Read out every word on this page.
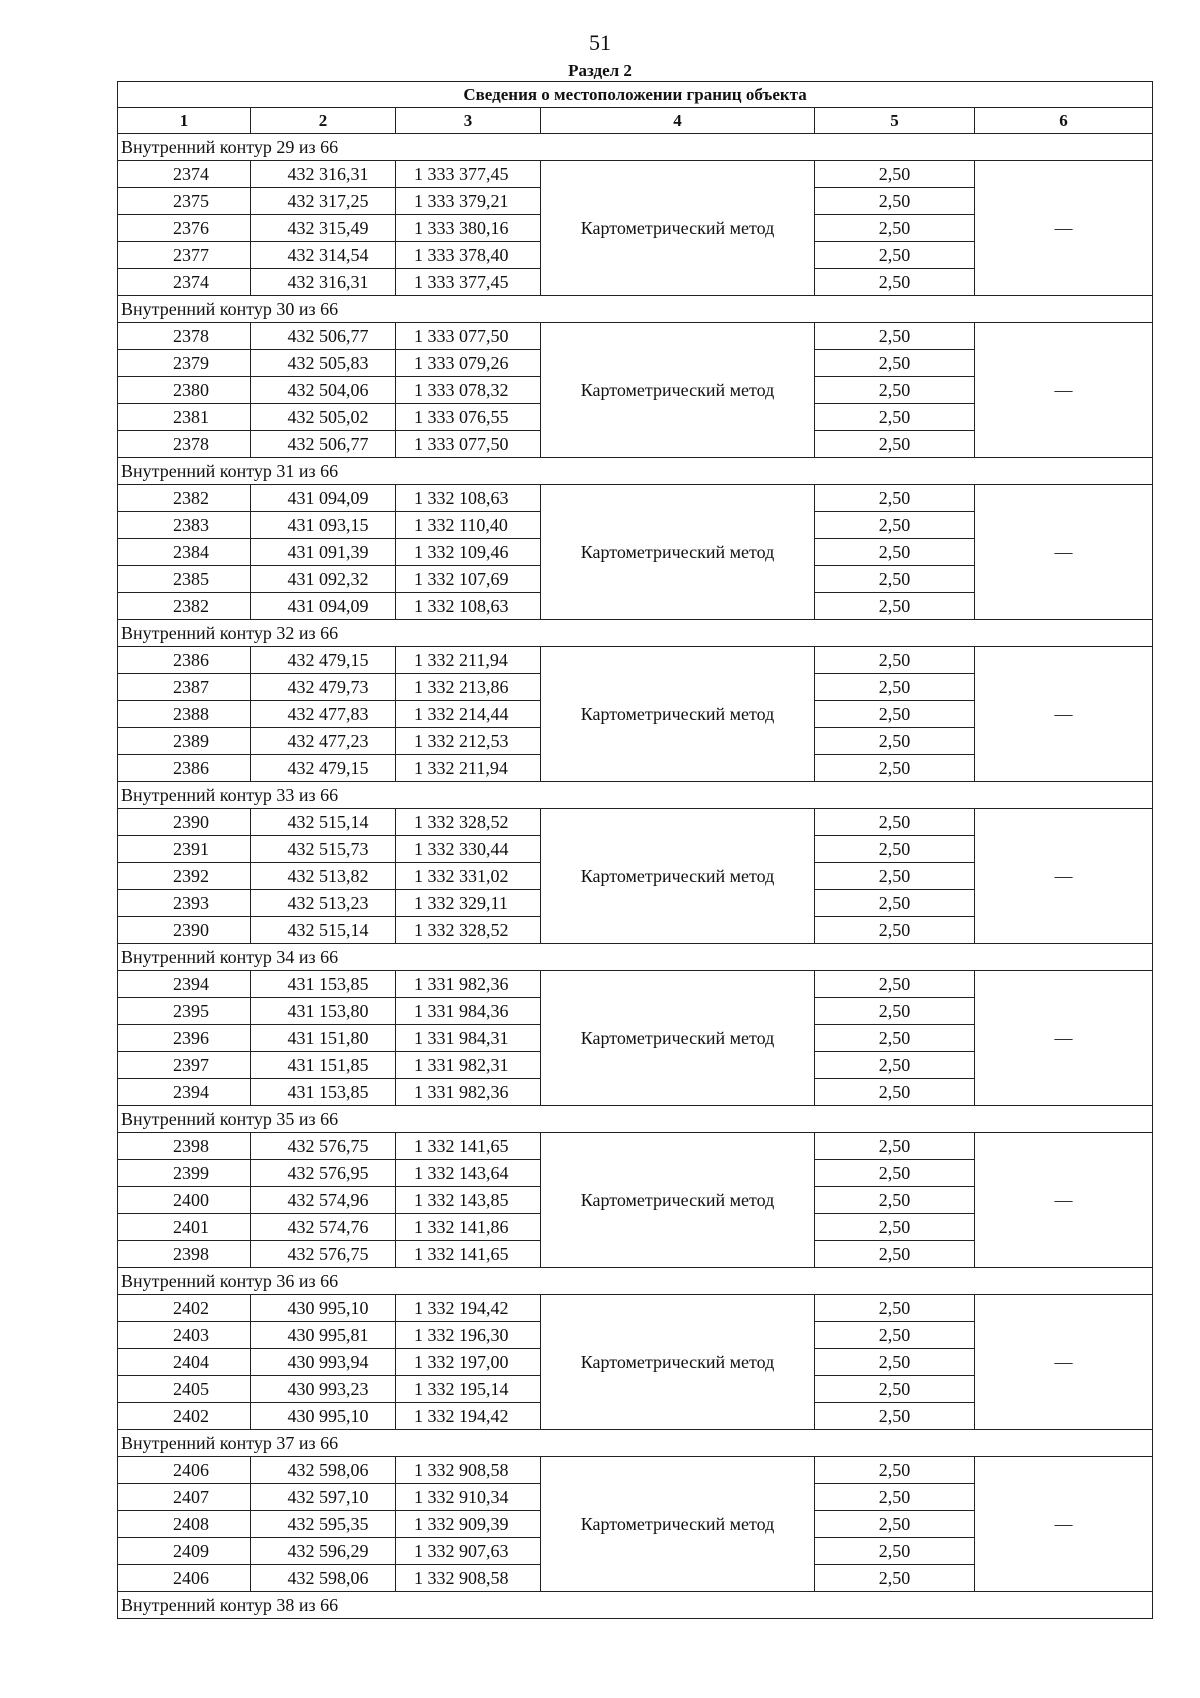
51
Раздел 2
Сведения о местоположении границ объекта					
1	2	3	4	5	6
Внутренний контур 29 из 66					
2374	432 316,31	1 333 377,45	Картометрический метод	2,50	—
2375	432 317,25	1 333 379,21		2,50	
2376	432 315,49	1 333 380,16		2,50	
2377	432 314,54	1 333 378,40		2,50	
2374	432 316,31	1 333 377,45		2,50	
Внутренний контур 30 из 66					
2378	432 506,77	1 333 077,50	Картометрический метод	2,50	—
2379	432 505,83	1 333 079,26		2,50	
2380	432 504,06	1 333 078,32		2,50	
2381	432 505,02	1 333 076,55		2,50	
2378	432 506,77	1 333 077,50		2,50	
Внутренний контур 31 из 66					
2382	431 094,09	1 332 108,63	Картометрический метод	2,50	—
2383	431 093,15	1 332 110,40		2,50	
2384	431 091,39	1 332 109,46		2,50	
2385	431 092,32	1 332 107,69		2,50	
2382	431 094,09	1 332 108,63		2,50	
Внутренний контур 32 из 66					
2386	432 479,15	1 332 211,94	Картометрический метод	2,50	—
2387	432 479,73	1 332 213,86		2,50	
2388	432 477,83	1 332 214,44		2,50	
2389	432 477,23	1 332 212,53		2,50	
2386	432 479,15	1 332 211,94		2,50	
Внутренний контур 33 из 66					
2390	432 515,14	1 332 328,52	Картометрический метод	2,50	—
2391	432 515,73	1 332 330,44		2,50	
2392	432 513,82	1 332 331,02		2,50	
2393	432 513,23	1 332 329,11		2,50	
2390	432 515,14	1 332 328,52		2,50	
Внутренний контур 34 из 66					
2394	431 153,85	1 331 982,36	Картометрический метод	2,50	—
2395	431 153,80	1 331 984,36		2,50	
2396	431 151,80	1 331 984,31		2,50	
2397	431 151,85	1 331 982,31		2,50	
2394	431 153,85	1 331 982,36		2,50	
Внутренний контур 35 из 66					
2398	432 576,75	1 332 141,65	Картометрический метод	2,50	—
2399	432 576,95	1 332 143,64		2,50	
2400	432 574,96	1 332 143,85		2,50	
2401	432 574,76	1 332 141,86		2,50	
2398	432 576,75	1 332 141,65		2,50	
Внутренний контур 36 из 66					
2402	430 995,10	1 332 194,42	Картометрический метод	2,50	—
2403	430 995,81	1 332 196,30		2,50	
2404	430 993,94	1 332 197,00		2,50	
2405	430 993,23	1 332 195,14		2,50	
2402	430 995,10	1 332 194,42		2,50	
Внутренний контур 37 из 66					
2406	432 598,06	1 332 908,58	Картометрический метод	2,50	—
2407	432 597,10	1 332 910,34		2,50	
2408	432 595,35	1 332 909,39		2,50	
2409	432 596,29	1 332 907,63		2,50	
2406	432 598,06	1 332 908,58		2,50	
Внутренний контур 38 из 66					
